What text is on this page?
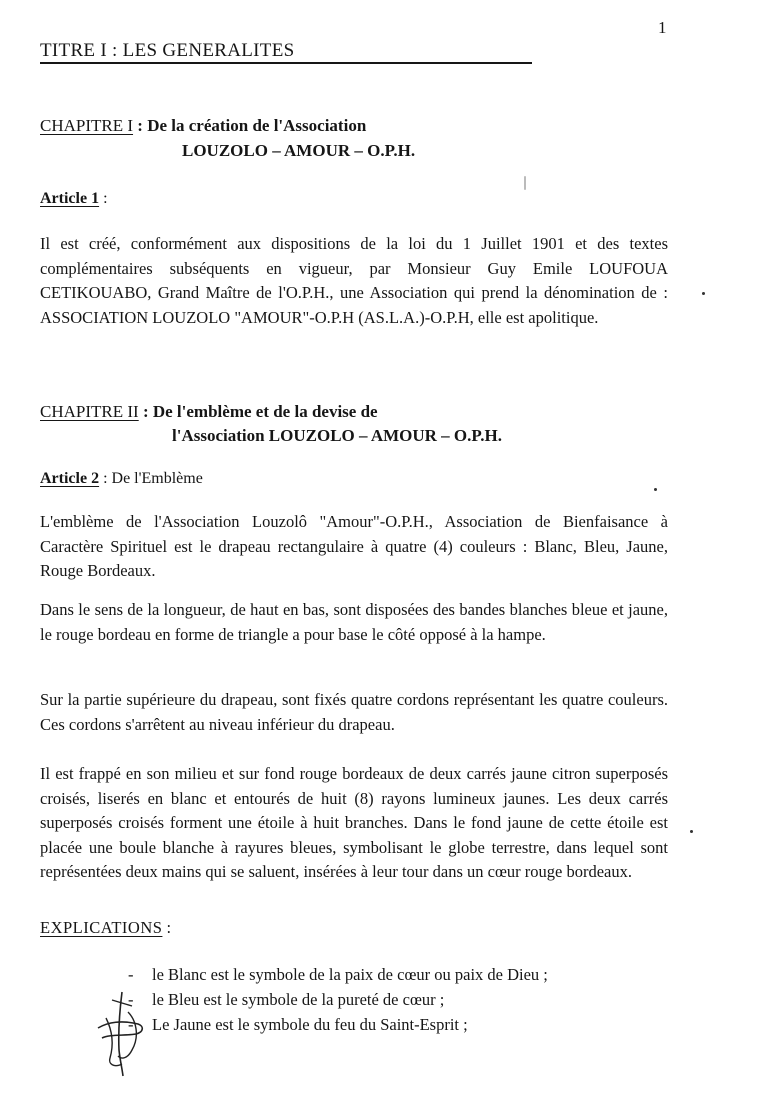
1
TITRE I : LES GENERALITES
CHAPITRE I : De la création de l'Association
LOUZOLO – AMOUR – O.P.H.
Article 1 :
Il est créé, conformément aux dispositions de la loi du 1 Juillet 1901 et des textes complémentaires subséquents en vigueur, par Monsieur Guy Emile LOUFOUA CETIKOUABO, Grand Maître de l'O.P.H., une Association qui prend la dénomination de : ASSOCIATION LOUZOLO "AMOUR"-O.P.H (AS.L.A.)-O.P.H, elle est apolitique.
CHAPITRE II : De l'emblème et de la devise de
l'Association LOUZOLO – AMOUR – O.P.H.
Article 2 : De l'Emblème
L'emblème de l'Association Louzolô "Amour"-O.P.H., Association de Bienfaisance à Caractère Spirituel est le drapeau rectangulaire à quatre (4) couleurs : Blanc, Bleu, Jaune, Rouge Bordeaux.
Dans le sens de la longueur, de haut en bas, sont disposées des bandes blanches bleue et jaune, le rouge bordeau en forme de triangle a pour base le côté opposé à la hampe.
Sur la partie supérieure du drapeau, sont fixés quatre cordons représentant les quatre couleurs. Ces cordons s'arrêtent au niveau inférieur du drapeau.
Il est frappé en son milieu et sur fond rouge bordeaux de deux carrés jaune citron superposés croisés, liserés en blanc et entourés de huit (8) rayons lumineux jaunes. Les deux carrés superposés croisés forment une étoile à huit branches. Dans le fond jaune de cette étoile est placée une boule blanche à rayures bleues, symbolisant le globe terrestre, dans lequel sont représentées deux mains qui se saluent, insérées à leur tour dans un cœur rouge bordeaux.
EXPLICATIONS :
-	le Blanc est le symbole de la paix de cœur ou paix de Dieu ;
-	le Bleu est le symbole de la pureté de cœur ;
-	Le Jaune est le symbole du feu du Saint-Esprit ;
